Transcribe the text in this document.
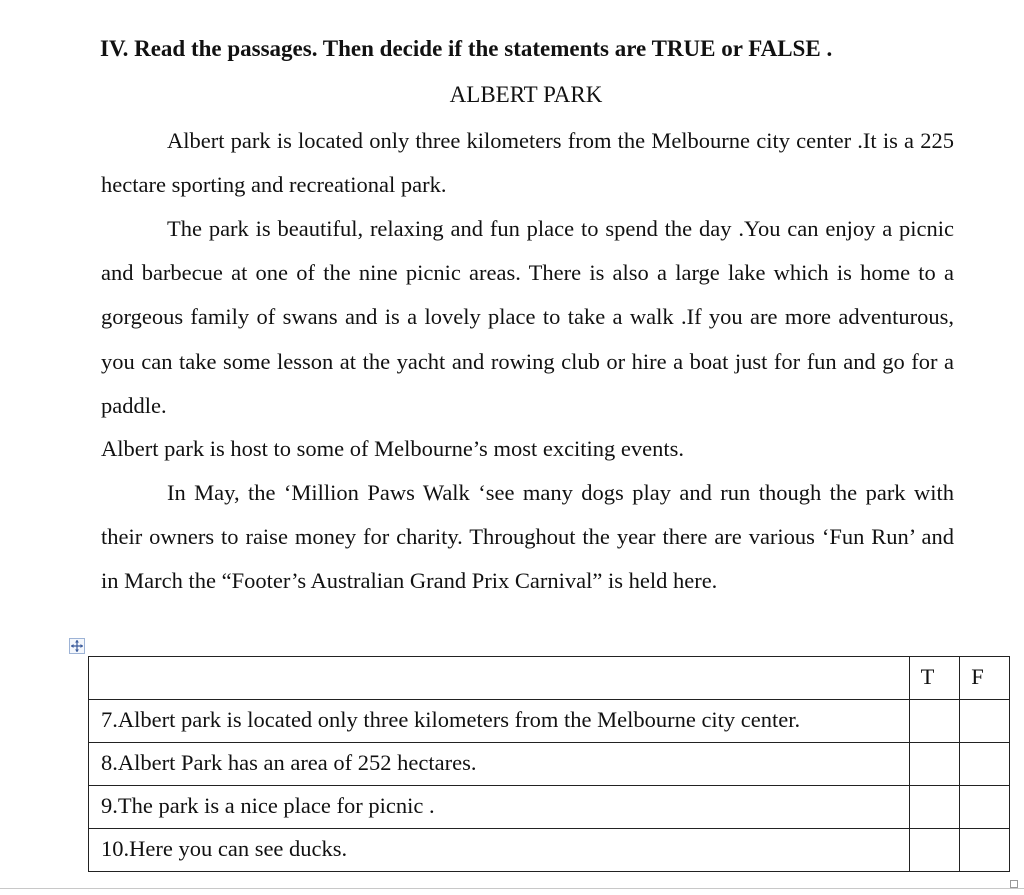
IV. Read the passages. Then decide if the statements are TRUE or FALSE .
ALBERT PARK

Albert park is located only three kilometers from the Melbourne city center .It is a 225 hectare sporting and recreational park.

The park is beautiful, relaxing and fun place to spend the day .You can enjoy a picnic and barbecue at one of the nine picnic areas. There is also a large lake which is home to a gorgeous family of swans and is a lovely place to take a walk .If you are more adventurous, you can take some lesson at the yacht and rowing club or hire a boat just for fun and go for a paddle.

Albert park is host to some of Melbourne’s most exciting events.

In May, the ‘Million Paws Walk ‘see many dogs play and run though the park with their owners to raise money for charity. Throughout the year there are various ‘Fun Run’ and in March the “Footer’s Australian Grand Prix Carnival” is held here.

	T	F
7.Albert park is located only three kilometers from the Melbourne city center.		
8.Albert Park has an area of 252 hectares.		
9.The park is a nice place for picnic .		
10.Here you can see ducks.		
